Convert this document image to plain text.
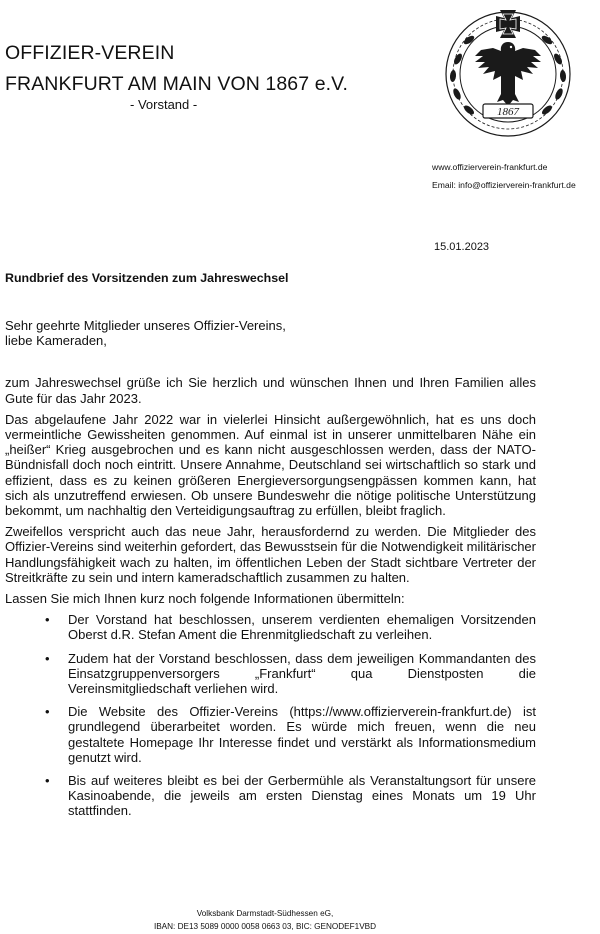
OFFIZIER-VEREIN
FRANKFURT AM MAIN VON 1867 e.V.
- Vorstand -	1867
www.offizierverein-frankfurt.de
Email: info@offizierverein-frankfurt.de
15.01.2023
Rundbrief des Vorsitzenden zum Jahreswechsel
Sehr geehrte Mitglieder unseres Offizier-Vereins,
liebe Kameraden,

zum Jahreswechsel grüße ich Sie herzlich und wünschen Ihnen und Ihren Familien alles Gute für das Jahr 2023.

Das abgelaufene Jahr 2022 war in vielerlei Hinsicht außergewöhnlich, hat es uns doch vermeintliche Gewissheiten genommen. Auf einmal ist in unserer unmittelbaren Nähe ein „heißer“ Krieg ausgebrochen und es kann nicht ausgeschlossen werden, dass der NATO-Bündnisfall doch noch eintritt. Unsere Annahme, Deutschland sei wirtschaftlich so stark und effizient, dass es zu keinen größeren Energieversorgungsengpässen kommen kann, hat sich als unzutreffend erwiesen. Ob unsere Bundeswehr die nötige politische Unterstützung bekommt, um nachhaltig den Verteidigungsauftrag zu erfüllen, bleibt fraglich.

Zweifellos verspricht auch das neue Jahr, herausfordernd zu werden. Die Mitglieder des Offizier-Vereins sind weiterhin gefordert, das Bewusstsein für die Notwendigkeit militärischer Handlungsfähigkeit wach zu halten, im öffentlichen Leben der Stadt sichtbare Vertreter der Streitkräfte zu sein und intern kameradschaftlich zusammen zu halten.

Lassen Sie mich Ihnen kurz noch folgende Informationen übermitteln:

• Der Vorstand hat beschlossen, unserem verdienten ehemaligen Vorsitzenden Oberst d.R. Stefan Ament die Ehrenmitgliedschaft zu verleihen.
• Zudem hat der Vorstand beschlossen, dass dem jeweiligen Kommandanten des Einsatzgruppenversorgers „Frankfurt“ qua Dienstposten die Vereinsmitgliedschaft verliehen wird.
• Die Website des Offizier-Vereins (https://www.offizierverein-frankfurt.de) ist grundlegend überarbeitet worden. Es würde mich freuen, wenn die neu gestaltete Homepage Ihr Interesse findet und verstärkt als Informationsmedium genutzt wird.
• Bis auf weiteres bleibt es bei der Gerbermühle als Veranstaltungsort für unsere Kasinoabende, die jeweils am ersten Dienstag eines Monats um 19 Uhr stattfinden.
Volksbank Darmstadt-Südhessen eG,
IBAN: DE13 5089 0000 0058 0663 03, BIC: GENODEF1VBD
